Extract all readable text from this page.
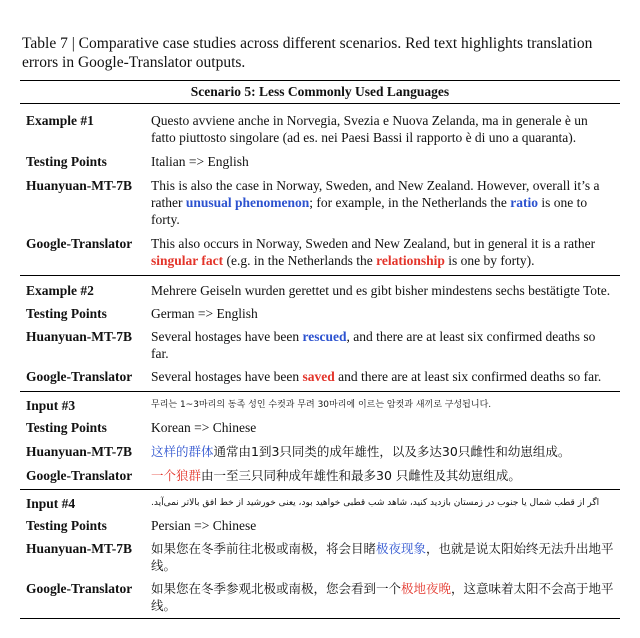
Table 7 | Comparative case studies across different scenarios. Red text highlights translation errors in Google-Translator outputs.
Scenario 5: Less Commonly Used Languages
Example #1	Questo avviene anche in Norvegia, Svezia e Nuova Zelanda, ma in generale è un fatto piuttosto singolare (ad es. nei Paesi Bassi il rapporto è di uno a quaranta).
Testing Points	Italian => English
Huanyuan-MT-7B	This is also the case in Norway, Sweden, and New Zealand. However, overall it’s a rather unusual phenomenon; for example, in the Netherlands the ratio is one to forty.
Google-Translator	This also occurs in Norway, Sweden and New Zealand, but in general it is a rather singular fact (e.g. in the Netherlands the relationship is one by forty).
Example #2	Mehrere Geiseln wurden gerettet und es gibt bisher mindestens sechs bestätigte Tote.
Testing Points	German => English
Huanyuan-MT-7B	Several hostages have been rescued, and there are at least six confirmed deaths so far.
Google-Translator	Several hostages have been saved and there are at least six confirmed deaths so far.
Input #3	무리는 1~3마리의 동족 성인 수컷과 무려 30마리에 이르는 암컷과 새끼로 구성됩니다.
Testing Points	Korean => Chinese
Huanyuan-MT-7B	这样的群体通常由1到3只同类的成年雄性，以及多达30只雌性和幼崽组成。
Google-Translator	一个狼群由一至三只同种成年雄性和最多30 只雌性及其幼崽组成。
Input #4	اگر از قطب شمال یا جنوب در زمستان بازدید کنید، شاهد شب قطبی خواهید بود، یعنی خورشید از خط افق بالاتر نمی‌آید.
Testing Points	Persian => Chinese
Huanyuan-MT-7B	如果您在冬季前往北极或南极，将会目睹极夜现象，也就是说太阳始终无法升出地平线。
Google-Translator	如果您在冬季参观北极或南极，您会看到一个极地夜晚，这意味着太阳不会高于地平线。
